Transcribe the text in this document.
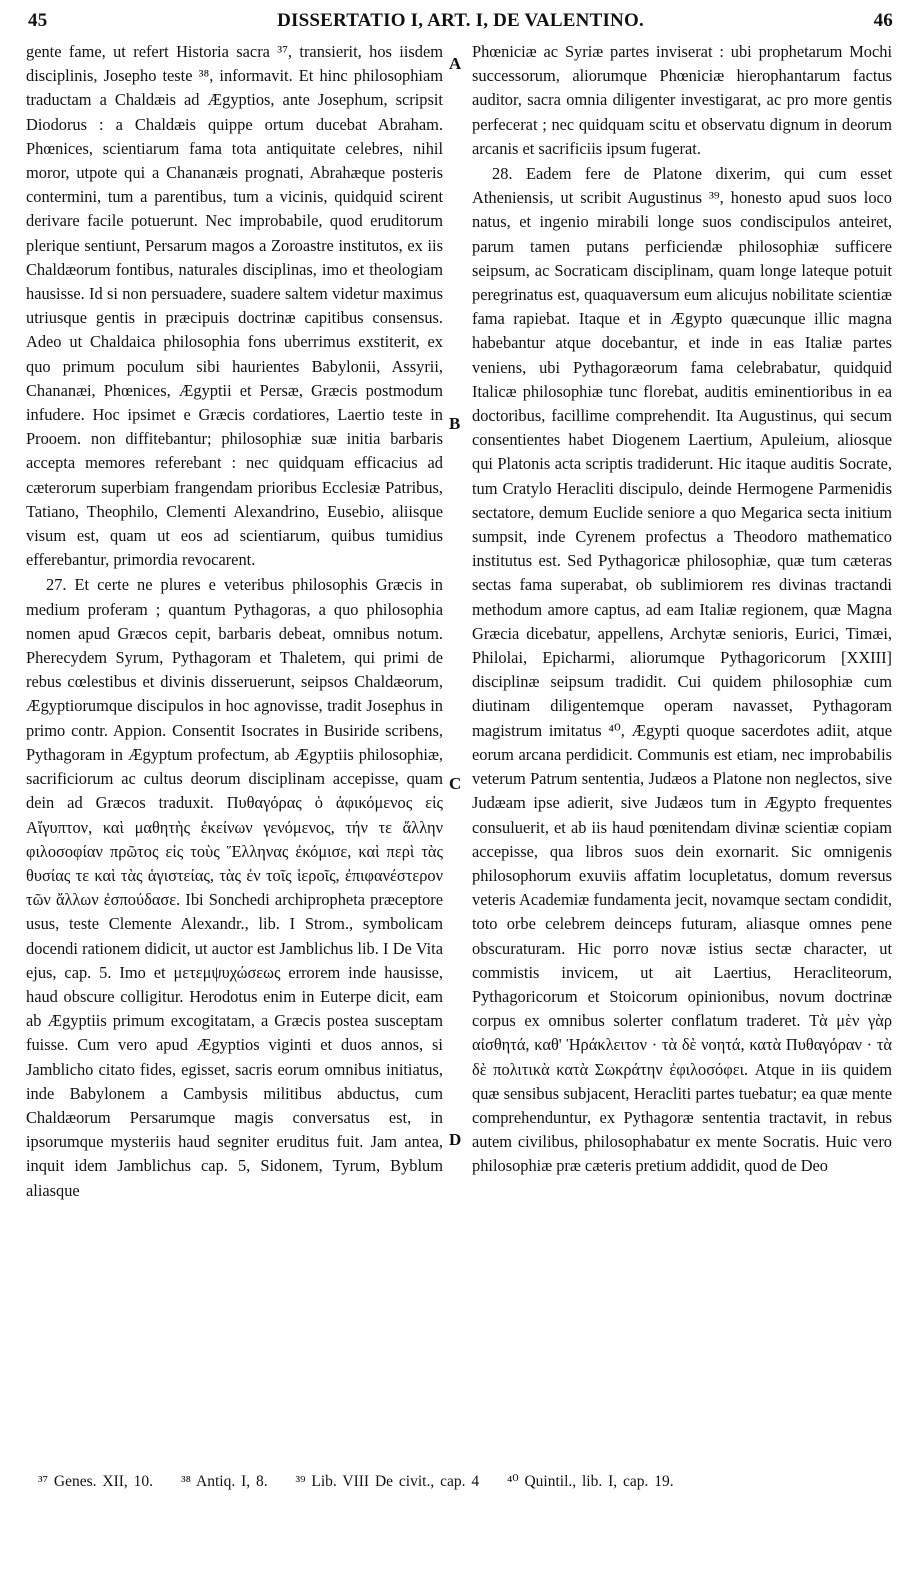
45	DISSERTATIO I, ART. I, DE VALENTINO.	46

gente fame, ut refert Historia sacra ³⁷, transierit, hos iisdem disciplinis, Josepho teste ³⁸, informavit. Et hinc philosophiam traductam a Chaldæis ad Ægyptios, ante Josephum, scripsit Diodorus : a Chaldæis quippe ortum ducebat Abraham. Phœnices, scientiarum fama tota antiquitate celebres, nihil moror, utpote qui a Chananæis prognati, Abrahæque posteris contermini, tum a parentibus, tum a vicinis, quidquid scirent derivare facile potuerunt. Nec improbabile, quod eruditorum plerique sentiunt, Persarum magos a Zoroastre institutos, ex iis Chaldæorum fontibus, naturales disciplinas, imo et theologiam hausisse. Id si non persuadere, suadere saltem videtur maximus utriusque gentis in præcipuis doctrinæ capitibus consensus. Adeo ut Chaldaica philosophia fons uberrimus exstiterit, ex quo primum poculum sibi haurientes Babylonii, Assyrii, Chananæi, Phœnices, Ægyptii et Persæ, Græcis postmodum infudere. Hoc ipsimet e Græcis cordatiores, Laertio teste in Prooem. non diffitebantur; philosophiæ suæ initia barbaris accepta memores referebant : nec quidquam efficacius ad cæterorum superbiam frangendam prioribus Ecclesiæ Patribus, Tatiano, Theophilo, Clementi Alexandrino, Eusebio, aliisque visum est, quam ut eos ad scientiarum, quibus tumidius efferebantur, primordia revocarent.

27. Et certe ne plures e veteribus philosophis Græcis in medium proferam ; quantum Pythagoras, a quo philosophia nomen apud Græcos cepit, barbaris debeat, omnibus notum. Pherecydem Syrum, Pythagoram et Thaletem, qui primi de rebus cœlestibus et divinis disseruerunt, seipsos Chaldæorum, Ægyptiorumque discipulos in hoc agnovisse, tradit Josephus in primo contr. Appion. Consentit Isocrates in Busiride scribens, Pythagoram in Ægyptum profectum, ab Ægyptiis philosophiæ, sacrificiorum ac cultus deorum disciplinam accepisse, quam dein ad Græcos traduxit. Πυθαγόρας ὁ ἀφικόμενος εἰς Αἴγυπτον, καὶ μαθητὴς ἐκείνων γενόμενος, τήν τε ἄλλην φιλοσοφίαν πρῶτος εἰς τοὺς Ἕλληνας ἐκόμισε, καὶ περὶ τὰς θυσίας τε καὶ τὰς ἁγιστείας, τὰς ἐν τοῖς ἱεροῖς, ἐπιφανέστερον τῶν ἄλλων ἐσπούδασε. Ibi Sonchedi archipropheta præceptore usus, teste Clemente Alexandr., lib. I Strom., symbolicam docendi rationem didicit, ut auctor est Jamblichus lib. I De Vita ejus, cap. 5. Imo et μετεμψυχώσεως errorem inde hausisse, haud obscure colligitur. Herodotus enim in Euterpe dicit, eam ab Ægyptiis primum excogitatam, a Græcis postea susceptam fuisse. Cum vero apud Ægyptios viginti et duos annos, si Jamblicho citato fides, egisset, sacris eorum omnibus initiatus, inde Babylonem a Cambysis militibus abductus, cum Chaldæorum Persarumque magis conversatus est, in ipsorumque mysteriis haud segniter eruditus fuit. Jam antea, inquit idem Jamblichus cap. 5, Sidonem, Tyrum, Byblum aliasque

Phœniciæ ac Syriæ partes inviserat : ubi prophetarum Mochi successorum, aliorumque Phœniciæ hierophantarum factus auditor, sacra omnia diligenter investigarat, ac pro more gentis perfecerat ; nec quidquam scitu et observatu dignum in deorum arcanis et sacrificiis ipsum fugerat.

28. Eadem fere de Platone dixerim, qui cum esset Atheniensis, ut scribit Augustinus ³⁹, honesto apud suos loco natus, et ingenio mirabili longe suos condiscipulos anteiret, parum tamen putans perficiendæ philosophiæ sufficere seipsum, ac Socraticam disciplinam, quam longe lateque potuit peregrinatus est, quaquaversum eum alicujus nobilitate scientiæ fama rapiebat. Itaque et in Ægypto quæcunque illic magna habebantur atque docebantur, et inde in eas Italiæ partes veniens, ubi Pythagoræorum fama celebrabatur, quidquid Italicæ philosophiæ tunc florebat, auditis eminentioribus in ea doctoribus, facillime comprehendit. Ita Augustinus, qui secum consentientes habet Diogenem Laertium, Apuleium, aliosque qui Platonis acta scriptis tradiderunt. Hic itaque auditis Socrate, tum Cratylo Heracliti discipulo, deinde Hermogene Parmenidis sectatore, demum Euclide seniore a quo Megarica secta initium sumpsit, inde Cyrenem profectus a Theodoro mathematico institutus est. Sed Pythagoricæ philosophiæ, quæ tum cæteras sectas fama superabat, ob sublimiorem res divinas tractandi methodum amore captus, ad eam Italiæ regionem, quæ Magna Græcia dicebatur, appellens, Archytæ senioris, Eurici, Timæi, Philolai, Epicharmi, aliorumque Pythagoricorum [XXIII] disciplinæ seipsum tradidit. Cui quidem philosophiæ cum diutinam diligentemque operam navasset, Pythagoram magistrum imitatus ⁴⁰, Ægypti quoque sacerdotes adiit, atque eorum arcana perdidicit. Communis est etiam, nec improbabilis veterum Patrum sententia, Judæos a Platone non neglectos, sive Judæam ipse adierit, sive Judæos tum in Ægypto frequentes consuluerit, et ab iis haud pœnitendam divinæ scientiæ copiam accepisse, qua libros suos dein exornarit. Sic omnigenis philosophorum exuviis affatim locupletatus, domum reversus veteris Academiæ fundamenta jecit, novamque sectam condidit, toto orbe celebrem deinceps futuram, aliasque omnes pene obscuraturam. Hic porro novæ istius sectæ character, ut commistis invicem, ut ait Laertius, Heracliteorum, Pythagoricorum et Stoicorum opinionibus, novum doctrinæ corpus ex omnibus solerter conflatum traderet. Τὰ μὲν γὰρ αἰσθητά, καθ' Ἡράκλειτον · τὰ δὲ νοητά, κατὰ Πυθαγόραν · τὰ δὲ πολιτικὰ κατὰ Σωκράτην ἐφιλοσόφει. Atque in iis quidem quæ sensibus subjacent, Heracliti partes tuebatur; ea quæ mente comprehenduntur, ex Pythagoræ sententia tractavit, in rebus autem civilibus, philosophabatur ex mente Socratis. Huic vero philosophiæ præ cæteris pretium addidit, quod de Deo

A
B
C
D
³⁷ Genes. XII, 10. ³⁸ Antiq. I, 8. ³⁹ Lib. VIII De civit., cap. 4 ⁴⁰ Quintil., lib. I, cap. 19.
